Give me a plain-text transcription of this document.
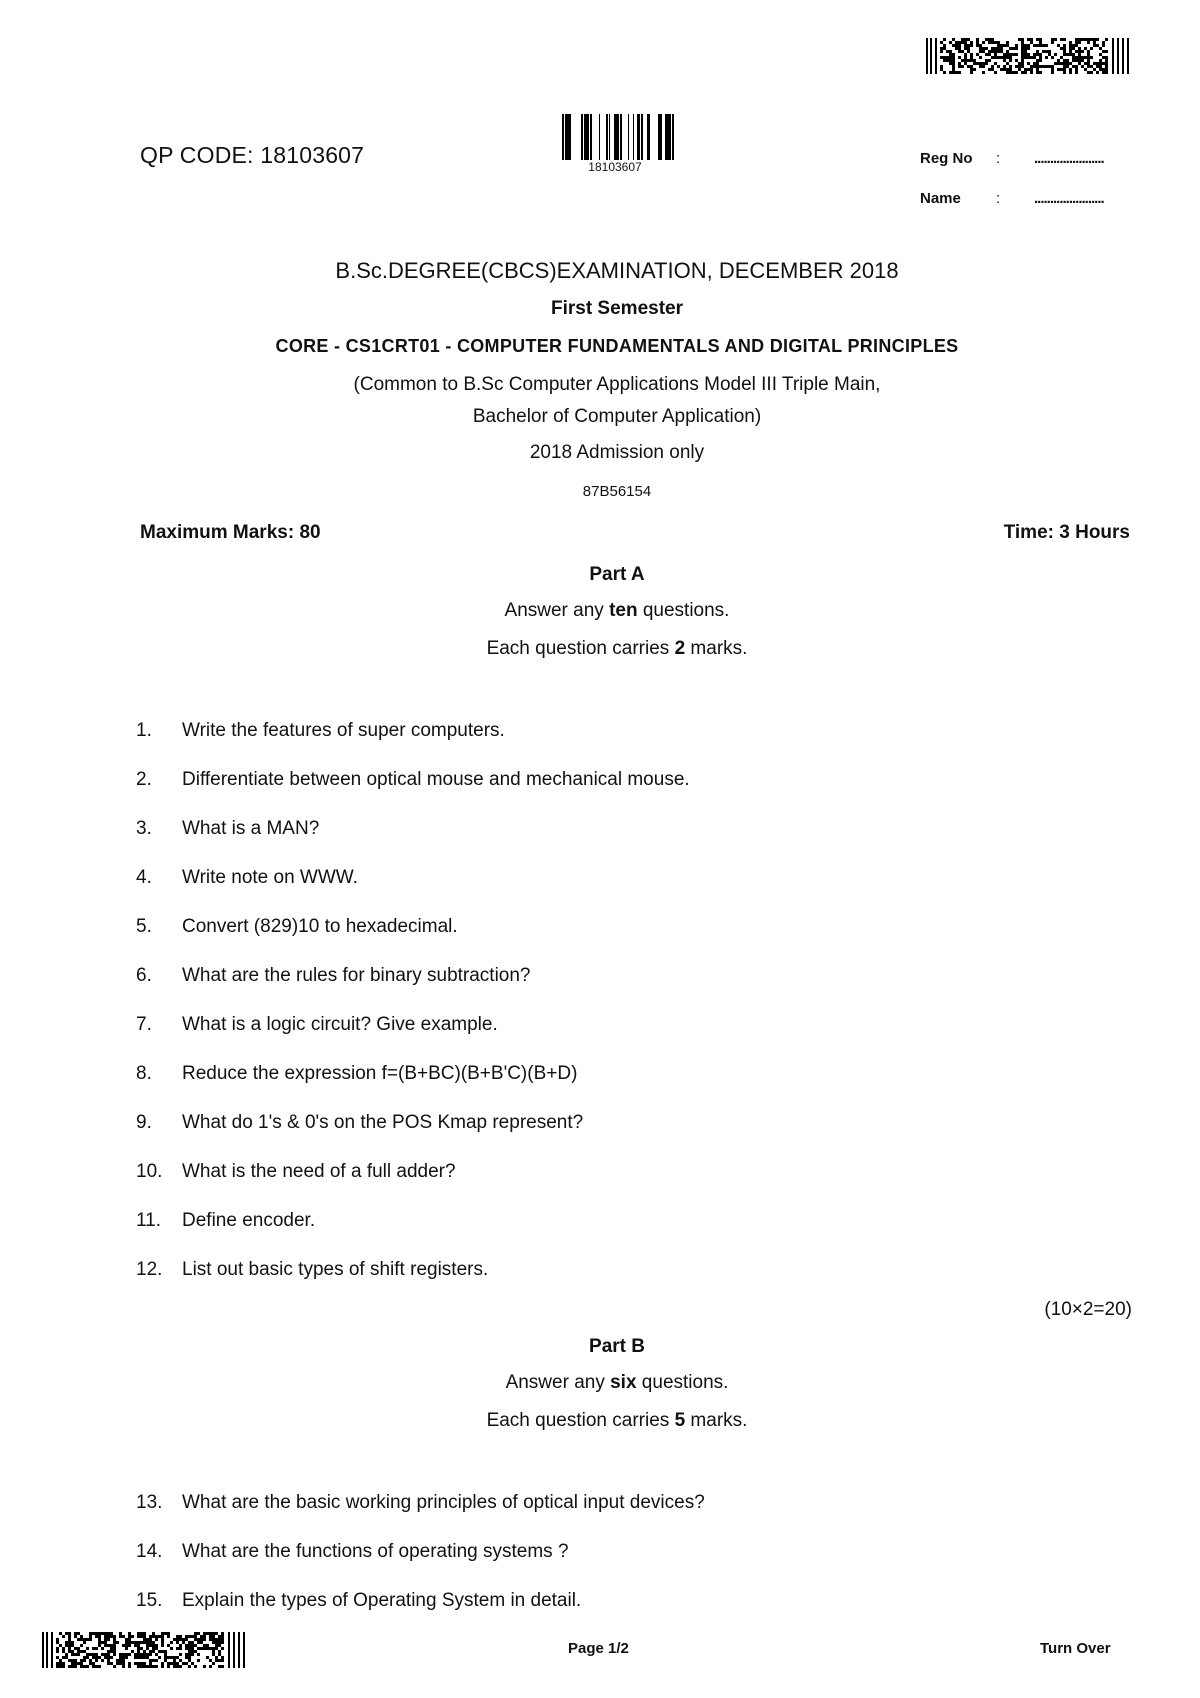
QP CODE: 18103607	18103607	Reg No : ......................
Name : ......................
B.Sc.DEGREE(CBCS)EXAMINATION, DECEMBER 2018
First Semester
CORE - CS1CRT01 - COMPUTER FUNDAMENTALS AND DIGITAL PRINCIPLES
(Common to B.Sc Computer Applications Model III Triple Main,
Bachelor of Computer Application)
2018 Admission only
87B56154
Maximum Marks: 80	Time: 3 Hours
Part A
Answer any ten questions.
Each question carries 2 marks.
1. Write the features of super computers.
2. Differentiate between optical mouse and mechanical mouse.
3. What is a MAN?
4. Write note on WWW.
5. Convert (829)10 to hexadecimal.
6. What are the rules for binary subtraction?
7. What is a logic circuit? Give example.
8. Reduce the expression f=(B+BC)(B+B'C)(B+D)
9. What do 1's & 0's on the POS Kmap represent?
10. What is the need of a full adder?
11. Define encoder.
12. List out basic types of shift registers.
(10×2=20)
Part B
Answer any six questions.
Each question carries 5 marks.
13. What are the basic working principles of optical input devices?
14. What are the functions of operating systems ?
15. Explain the types of Operating System in detail.
Page 1/2	Turn Over
